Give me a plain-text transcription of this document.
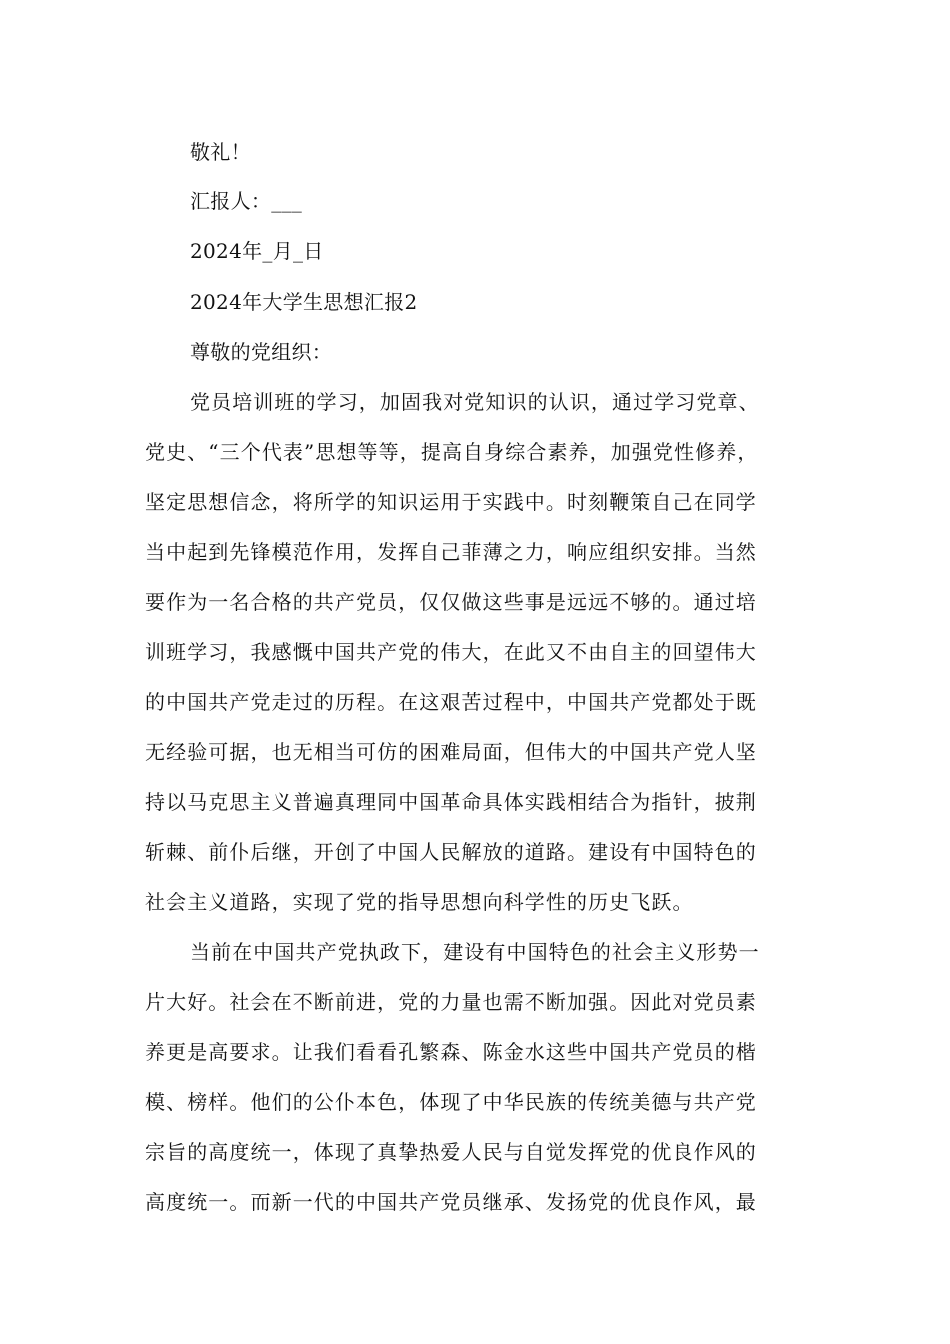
敬礼！
汇报人：___
2024年_月_日
2024年大学生思想汇报2
尊敬的党组织：
党员培训班的学习，加固我对党知识的认识，通过学习党章、
党史、“三个代表”思想等等，提高自身综合素养，加强党性修养，
坚定思想信念，将所学的知识运用于实践中。时刻鞭策自己在同学
当中起到先锋模范作用，发挥自己菲薄之力，响应组织安排。当然
要作为一名合格的共产党员，仅仅做这些事是远远不够的。通过培
训班学习，我感慨中国共产党的伟大，在此又不由自主的回望伟大
的中国共产党走过的历程。在这艰苦过程中，中国共产党都处于既
无经验可据，也无相当可仿的困难局面，但伟大的中国共产党人坚
持以马克思主义普遍真理同中国革命具体实践相结合为指针，披荆
斩棘、前仆后继，开创了中国人民解放的道路。建设有中国特色的
社会主义道路，实现了党的指导思想向科学性的历史飞跃。
当前在中国共产党执政下，建设有中国特色的社会主义形势一
片大好。社会在不断前进，党的力量也需不断加强。因此对党员素
养更是高要求。让我们看看孔繁森、陈金水这些中国共产党员的楷
模、榜样。他们的公仆本色，体现了中华民族的传统美德与共产党
宗旨的高度统一，体现了真挚热爱人民与自觉发挥党的优良作风的
高度统一。而新一代的中国共产党员继承、发扬党的优良作风，最
